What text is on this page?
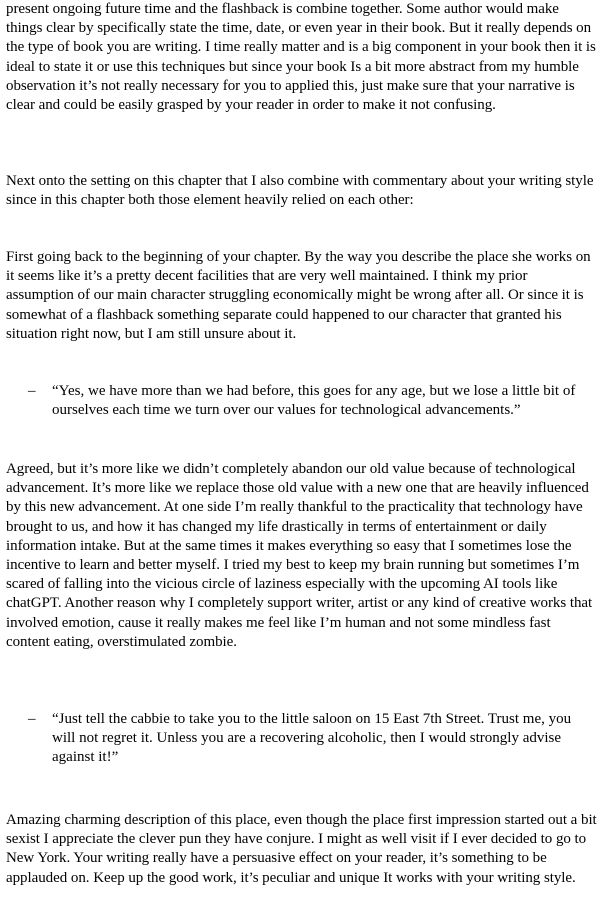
present ongoing future time and the flashback is combine together. Some author would make things clear by specifically state the time, date, or even year in their book. But it really depends on the type of book you are writing. I time really matter and is a big component in your book then it is ideal to state it or use this techniques but since your book Is a bit more abstract from my humble observation it’s not really necessary for you to applied this, just make sure that your narrative is clear and could be easily grasped by your reader in order to make it not confusing.

Next onto the setting on this chapter that I also combine with commentary about your writing style since in this chapter both those element heavily relied on each other:

First going back to the beginning of your chapter. By the way you describe the place she works on it seems like it’s a pretty decent facilities that are very well maintained. I think my prior assumption of our main character struggling economically might be wrong after all. Or since it is somewhat of a flashback something separate could happened to our character that granted his situation right now, but I am still unsure about it.

– “Yes, we have more than we had before, this goes for any age, but we lose a little bit of ourselves each time we turn over our values for technological advancements.”

Agreed, but it’s more like we didn’t completely abandon our old value because of technological advancement. It’s more like we replace those old value with a new one that are heavily influenced by this new advancement. At one side I’m really thankful to the practicality that technology have brought to us, and how it has changed my life drastically in terms of entertainment or daily information intake. But at the same times it makes everything so easy that I sometimes lose the incentive to learn and better myself. I tried my best to keep my brain running but sometimes I’m scared of falling into the vicious circle of laziness especially with the upcoming AI tools like chatGPT. Another reason why I completely support writer, artist or any kind of creative works that involved emotion, cause it really makes me feel like I’m human and not some mindless fast content eating, overstimulated zombie.

– “Just tell the cabbie to take you to the little saloon on 15 East 7th Street. Trust me, you will not regret it. Unless you are a recovering alcoholic, then I would strongly advise against it!”

Amazing charming description of this place, even though the place first impression started out a bit sexist I appreciate the clever pun they have conjure. I might as well visit if I ever decided to go to New York. Your writing really have a persuasive effect on your reader, it’s something to be applauded on. Keep up the good work, it’s peculiar and unique It works with your writing style.
